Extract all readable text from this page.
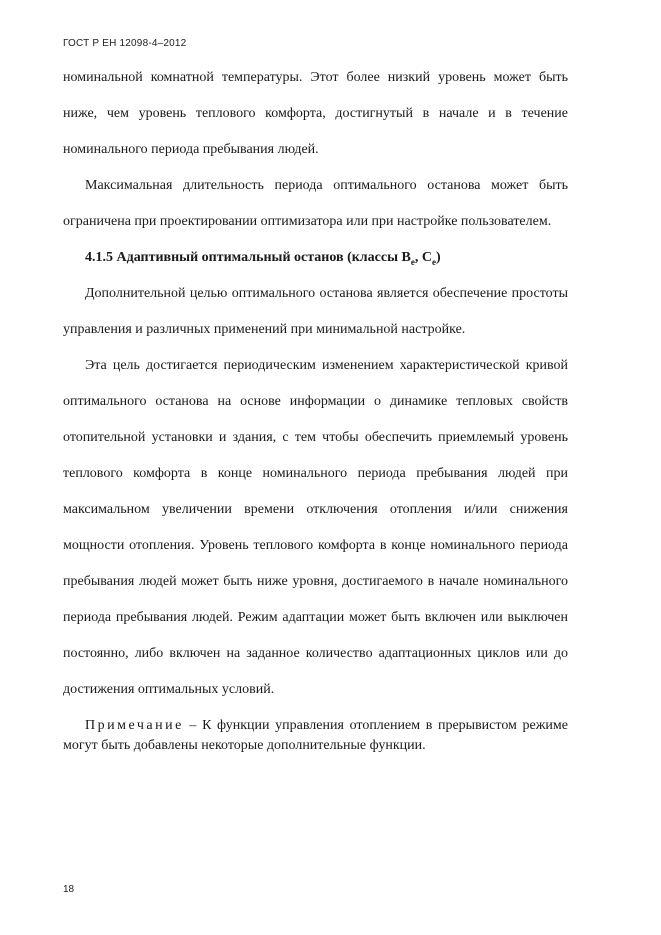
ГОСТ Р ЕН 12098-4–2012

номинальной комнатной температуры. Этот более низкий уровень может быть ниже, чем уровень теплового комфорта, достигнутый в начале и в течение номинального периода пребывания людей.

Максимальная длительность периода оптимального останова может быть ограничена при проектировании оптимизатора или при настройке пользователем.

4.1.5 Адаптивный оптимальный останов (классы $B_e$, $C_e$)

Дополнительной целью оптимального останова является обеспечение простоты управления и различных применений при минимальной настройке.

Эта цель достигается периодическим изменением характеристической кривой оптимального останова на основе информации о динамике тепловых свойств отопительной установки и здания, с тем чтобы обеспечить приемлемый уровень теплового комфорта в конце номинального периода пребывания людей при максимальном увеличении времени отключения отопления и/или снижения мощности отопления. Уровень теплового комфорта в конце номинального периода пребывания людей может быть ниже уровня, достигаемого в начале номинального периода пребывания людей. Режим адаптации может быть включен или выключен постоянно, либо включен на заданное количество адаптационных циклов или до достижения оптимальных условий.

Примечание – К функции управления отоплением в прерывистом режиме могут быть добавлены некоторые дополнительные функции.

18
